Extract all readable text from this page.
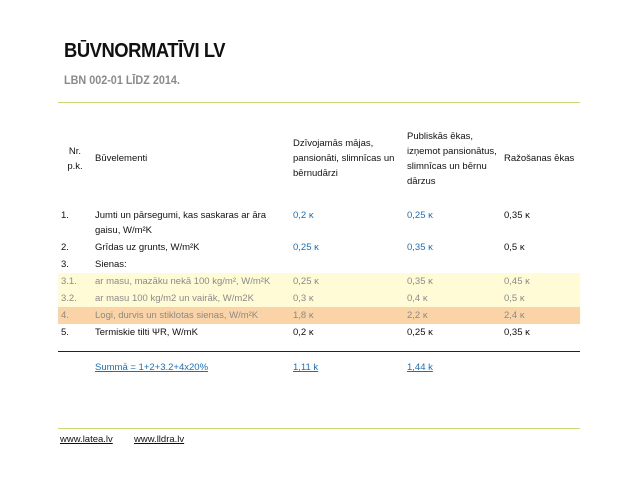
BŪVNORMATĪVI LV
LBN 002-01 LĪDZ 2014.
Nr. p.k.	Būvelementi	Dzīvojamās mājas, pansionāti, slimnīcas un bērnudārzi	Publiskās ēkas, izņemot pansionātus, slimnīcas un bērnu dārzus	Ražošanas ēkas
1.	Jumti un pārsegumi, kas saskaras ar āra gaisu, W/m²K	0,2 κ	0,25 κ	0,35 κ
2.	Grīdas uz grunts, W/m²K	0,25 κ	0,35 κ	0,5 κ
3.	Sienas:			
3.1.	ar masu, mazāku nekā 100 kg/m², W/m²K	0,25 κ	0,35 κ	0,45 κ
3.2.	ar masu 100 kg/m2 un vairāk, W/m2K	0,3 κ	0,4 κ	0,5 κ
4.	Logi, durvis un stiklotas sienas, W/m²K	1,8 κ	2,2 κ	2,4 κ
5.	Termiskie tilti ΨR, W/mK	0,2 κ	0,25 κ	0,35 κ

	Summā = 1+2+3.2+4x20%	1,11 k	1,44 k	
www.latea.lv www.lldra.lv
